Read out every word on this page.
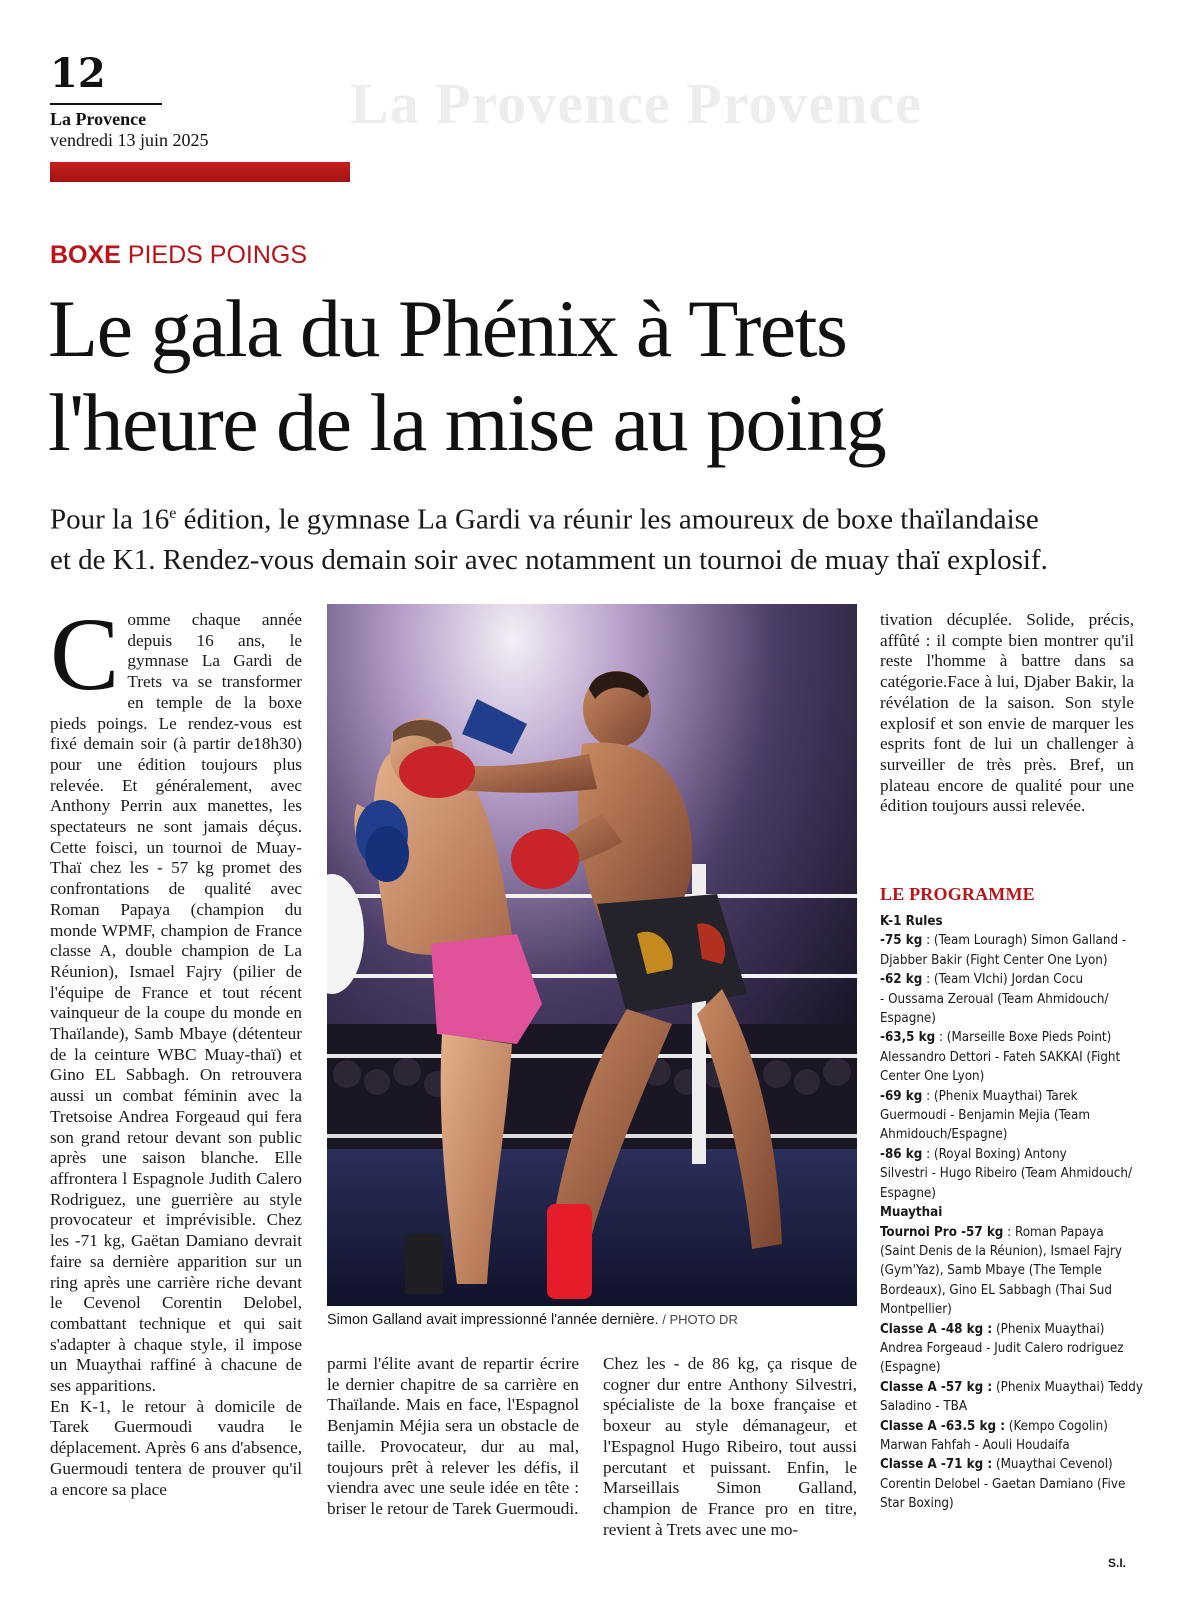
La Provence Provence
12
La Provence
vendredi 13 juin 2025
BOXE PIEDS POINGS
Le gala du Phénix à Trets
l'heure de la mise au poing
Pour la 16e édition, le gymnase La Gardi va réunir les amoureux de boxe thaïlandaise
et de K1. Rendez-vous demain soir avec notamment un tournoi de muay thaï explosif.
C omme chaque année depuis 16 ans, le gymnase La Gardi de Trets va se transformer en temple de la boxe pieds poings. Le rendez-vous est fixé demain soir (à partir de18h30) pour une édition toujours plus relevée. Et généralement, avec Anthony Perrin aux manettes, les spectateurs ne sont jamais déçus. Cette foisci, un tournoi de Muay-Thaï chez les - 57 kg promet des confrontations de qualité avec Roman Papaya (champion du monde WPMF, champion de France classe A, double champion de La Réunion), Ismael Fajry (pilier de l'équipe de France et tout récent vainqueur de la coupe du monde en Thaïlande), Samb Mbaye (détenteur de la ceinture WBC Muay-thaï) et Gino EL Sabbagh. On retrouvera aussi un combat féminin avec la Tretsoise Andrea Forgeaud qui fera son grand retour devant son public après une saison blanche. Elle affrontera l Espagnole Judith Calero Rodriguez, une guerrière au style provocateur et imprévisible. Chez les -71 kg, Gaëtan Damiano devrait faire sa dernière apparition sur un ring après une carrière riche devant le Cevenol Corentin Delobel, combattant technique et qui sait s'adapter à chaque style, il impose un Muaythai raffiné à chacune de ses apparitions.

En K-1, le retour à domicile de Tarek Guermoudi vaudra le déplacement. Après 6 ans d'absence, Guermoudi tentera de prouver qu'il a encore sa place

Simon Galland avait impressionné l'année dernière. / PHOTO DR

parmi l'élite avant de repartir écrire le dernier chapitre de sa carrière en Thaïlande. Mais en face, l'Espagnol Benjamin Méjia sera un obstacle de taille. Provocateur, dur au mal, toujours prêt à relever les défis, il viendra avec une seule idée en tête : briser le retour de Tarek Guermoudi.

Chez les - de 86 kg, ça risque de cogner dur entre Anthony Silvestri, spécialiste de la boxe française et boxeur au style démanageur, et l'Espagnol Hugo Ribeiro, tout aussi percutant et puissant. Enfin, le Marseillais Simon Galland, champion de France pro en titre, revient à Trets avec une mo-

tivation décuplée. Solide, précis, affûté : il compte bien montrer qu'il reste l'homme à battre dans sa catégorie.Face à lui, Djaber Bakir, la révélation de la saison. Son style explosif et son envie de marquer les esprits font de lui un challenger à surveiller de très près. Bref, un plateau encore de qualité pour une édition toujours aussi relevée.

LE PROGRAMME
K-1 Rules
-75 kg : (Team Louragh) Simon Galland -
Djabber Bakir (Fight Center One Lyon)
-62 kg : (Team VIchi) Jordan Cocu
- Oussama Zeroual (Team Ahmidouch/
Espagne)
-63,5 kg : (Marseille Boxe Pieds Point)
Alessandro Dettori - Fateh SAKKAI (Fight
Center One Lyon)
-69 kg : (Phenix Muaythai) Tarek
Guermoudi - Benjamin Mejia (Team
Ahmidouch/Espagne)
-86 kg : (Royal Boxing) Antony
Silvestri - Hugo Ribeiro (Team Ahmidouch/
Espagne)
Muaythai
Tournoi Pro -57 kg : Roman Papaya
(Saint Denis de la Réunion), Ismael Fajry
(Gym'Yaz), Samb Mbaye (The Temple
Bordeaux), Gino EL Sabbagh (Thai Sud
Montpellier)
Classe A -48 kg : (Phenix Muaythai)
Andrea Forgeaud - Judit Calero rodriguez
(Espagne)
Classe A -57 kg : (Phenix Muaythai) Teddy
Saladino - TBA
Classe A -63.5 kg : (Kempo Cogolin)
Marwan Fahfah - Aouli Houdaifa
Classe A -71 kg : (Muaythai Cevenol)
Corentin Delobel - Gaetan Damiano (Five
Star Boxing)
S.I.
